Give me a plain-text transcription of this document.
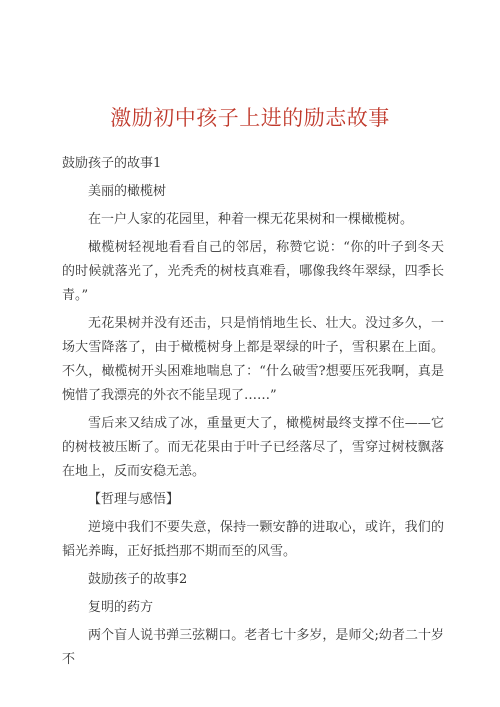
激励初中孩子上进的励志故事

鼓励孩子的故事1

美丽的橄榄树

在一户人家的花园里，种着一棵无花果树和一棵橄榄树。

橄榄树轻视地看看自己的邻居，称赞它说：“你的叶子到冬天的时候就落光了，光秃秃的树枝真难看，哪像我终年翠绿，四季长青。”

无花果树并没有还击，只是悄悄地生长、壮大。没过多久，一场大雪降落了，由于橄榄树身上都是翠绿的叶子，雪积累在上面。不久，橄榄树开头困难地喘息了：“什么破雪?想要压死我啊，真是惋惜了我漂亮的外衣不能呈现了……”

雪后来又结成了冰，重量更大了，橄榄树最终支撑不住——它的树枝被压断了。而无花果由于叶子已经落尽了，雪穿过树枝飘落在地上，反而安稳无恙。

【哲理与感悟】

逆境中我们不要失意，保持一颗安静的进取心，或许，我们的韬光养晦，正好抵挡那不期而至的风雪。

鼓励孩子的故事2

复明的药方

两个盲人说书弹三弦糊口。老者七十多岁，是师父;幼者二十岁不
